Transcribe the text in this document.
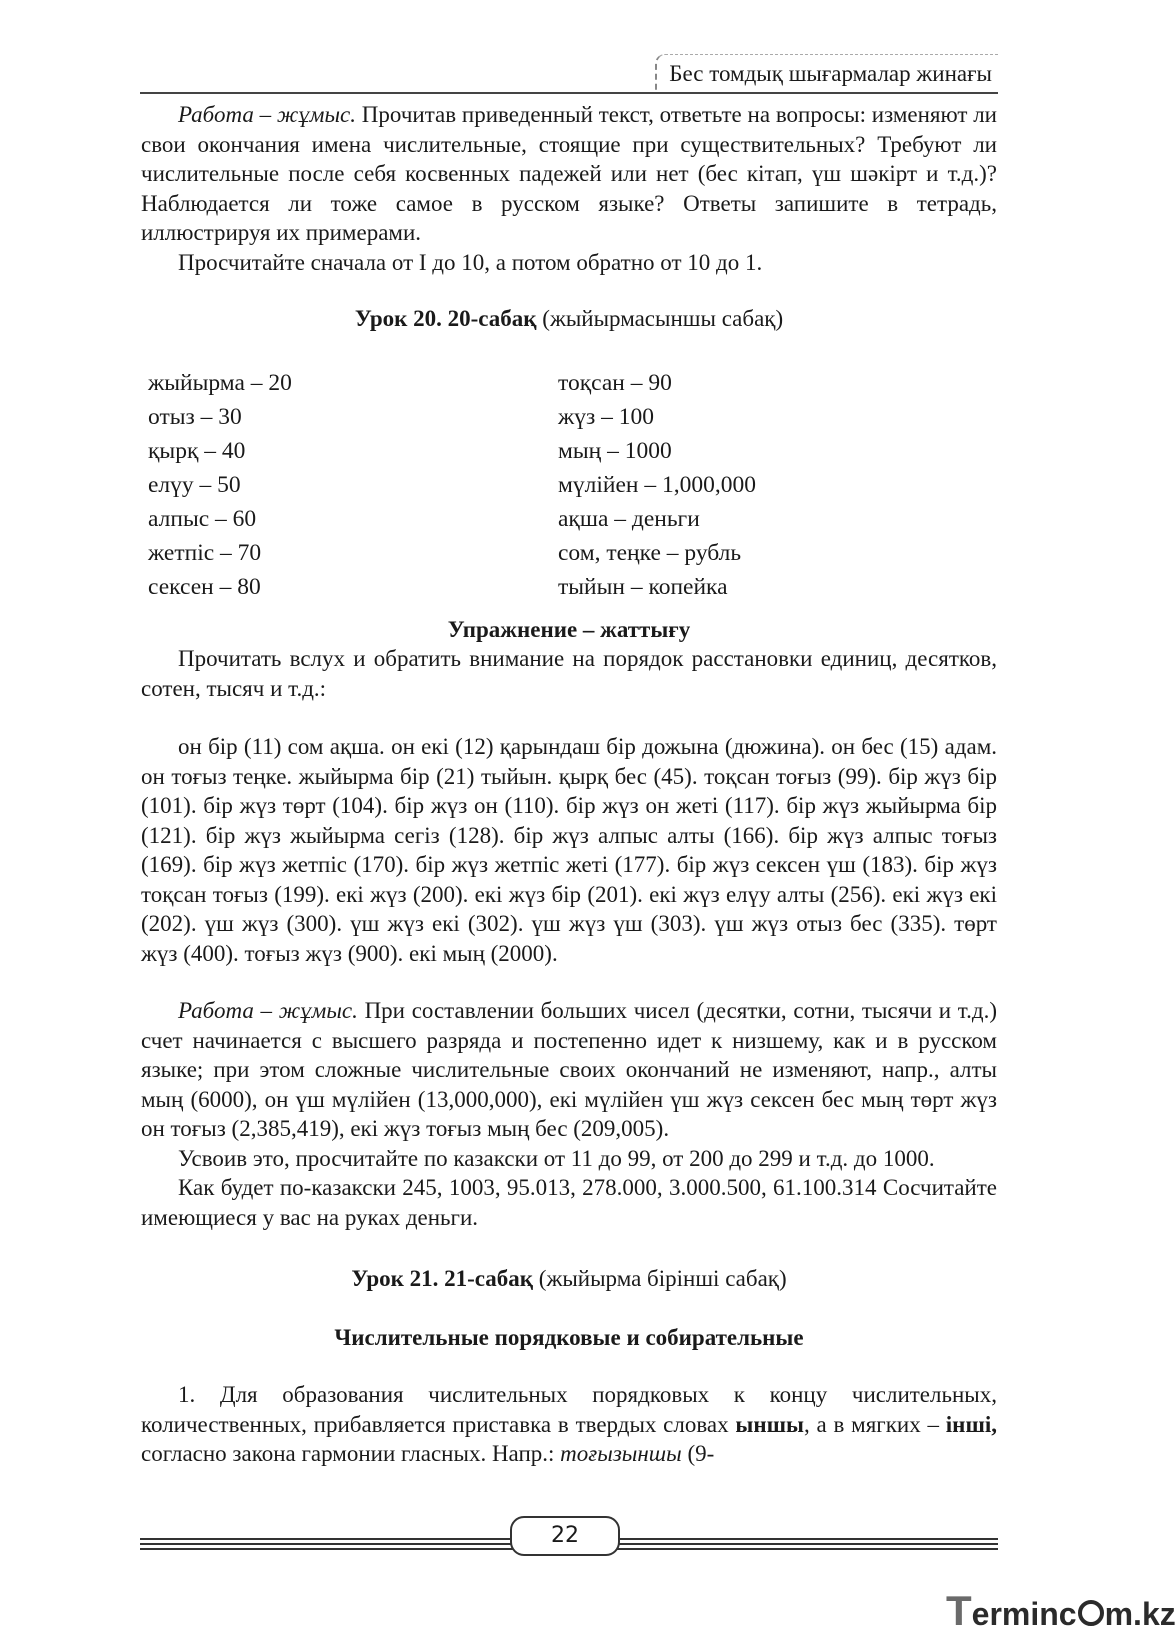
Бес томдық шығармалар жинағы

Работа – жұмыс. Прочитав приведенный текст, ответьте на вопросы: изменяют ли свои окончания имена числительные, стоящие при существительных? Требуют ли числительные после себя косвенных падежей или нет (бес кітап, үш шәкірт и т.д.)? Наблюдается ли тоже самое в русском языке? Ответы запишите в тетрадь, иллюстрируя их примерами.

Просчитайте сначала от I до 10, а потом обратно от 10 до 1.

Урок 20. 20-сабақ (жыйырмасыншы сабақ)

жыйырма – 20
отыз – 30
қырқ – 40
елүу – 50
алпыс – 60
жетпіс – 70
сексен – 80
тоқсан – 90
жүз – 100
мың – 1000
мүлійен – 1,000,000
ақша – деньги
сом, теңке – рубль
тыйын – копейка

Упражнение – жаттығу

Прочитать вслух и обратить внимание на порядок расстановки единиц, десятков, сотен, тысяч и т.д.:

он бір (11) сом ақша. он екі (12) қарындаш бір дожына (дюжина). он бес (15) адам. он тоғыз теңке. жыйырма бір (21) тыйын. қырқ бес (45). тоқсан тоғыз (99). бір жүз бір (101). бір жүз төрт (104). бір жүз он (110). бір жүз он жеті (117). бір жүз жыйырма бір (121). бір жүз жыйырма сегіз (128). бір жүз алпыс алты (166). бір жүз алпыс тоғыз (169). бір жүз жетпіс (170). бір жүз жетпіс жеті (177). бір жүз сексен үш (183). бір жүз тоқсан тоғыз (199). екі жүз (200). екі жүз бір (201). екі жүз елүу алты (256). екі жүз екі (202). үш жүз (300). үш жүз екі (302). үш жүз үш (303). үш жүз отыз бес (335). төрт жүз (400). тоғыз жүз (900). екі мың (2000).

Работа – жұмыс. При составлении больших чисел (десятки, сотни, тысячи и т.д.) счет начинается с высшего разряда и постепенно идет к низшему, как и в русском языке; при этом сложные числительные своих окончаний не изменяют, напр., алты мың (6000), он үш мүлійен (13,000,000), екі мүлійен үш жүз сексен бес мың төрт жүз он тоғыз (2,385,419), екі жүз тоғыз мың бес (209,005).

Усвоив это, просчитайте по казакски от 11 до 99, от 200 до 299 и т.д. до 1000.

Как будет по-казакски 245, 1003, 95.013, 278.000, 3.000.500, 61.100.314 Сосчитайте имеющиеся у вас на руках деньги.

Урок 21. 21-сабақ (жыйырма бірінші сабақ)

Числительные порядковые и собирательные

1. Для образования числительных порядковых к концу числительных, количественных, прибавляется приставка в твердых словах ыншы, а в мягких – інші, согласно закона гармонии гласных. Напр.: тоғызыншы (9-

22
Terminc m.kz
